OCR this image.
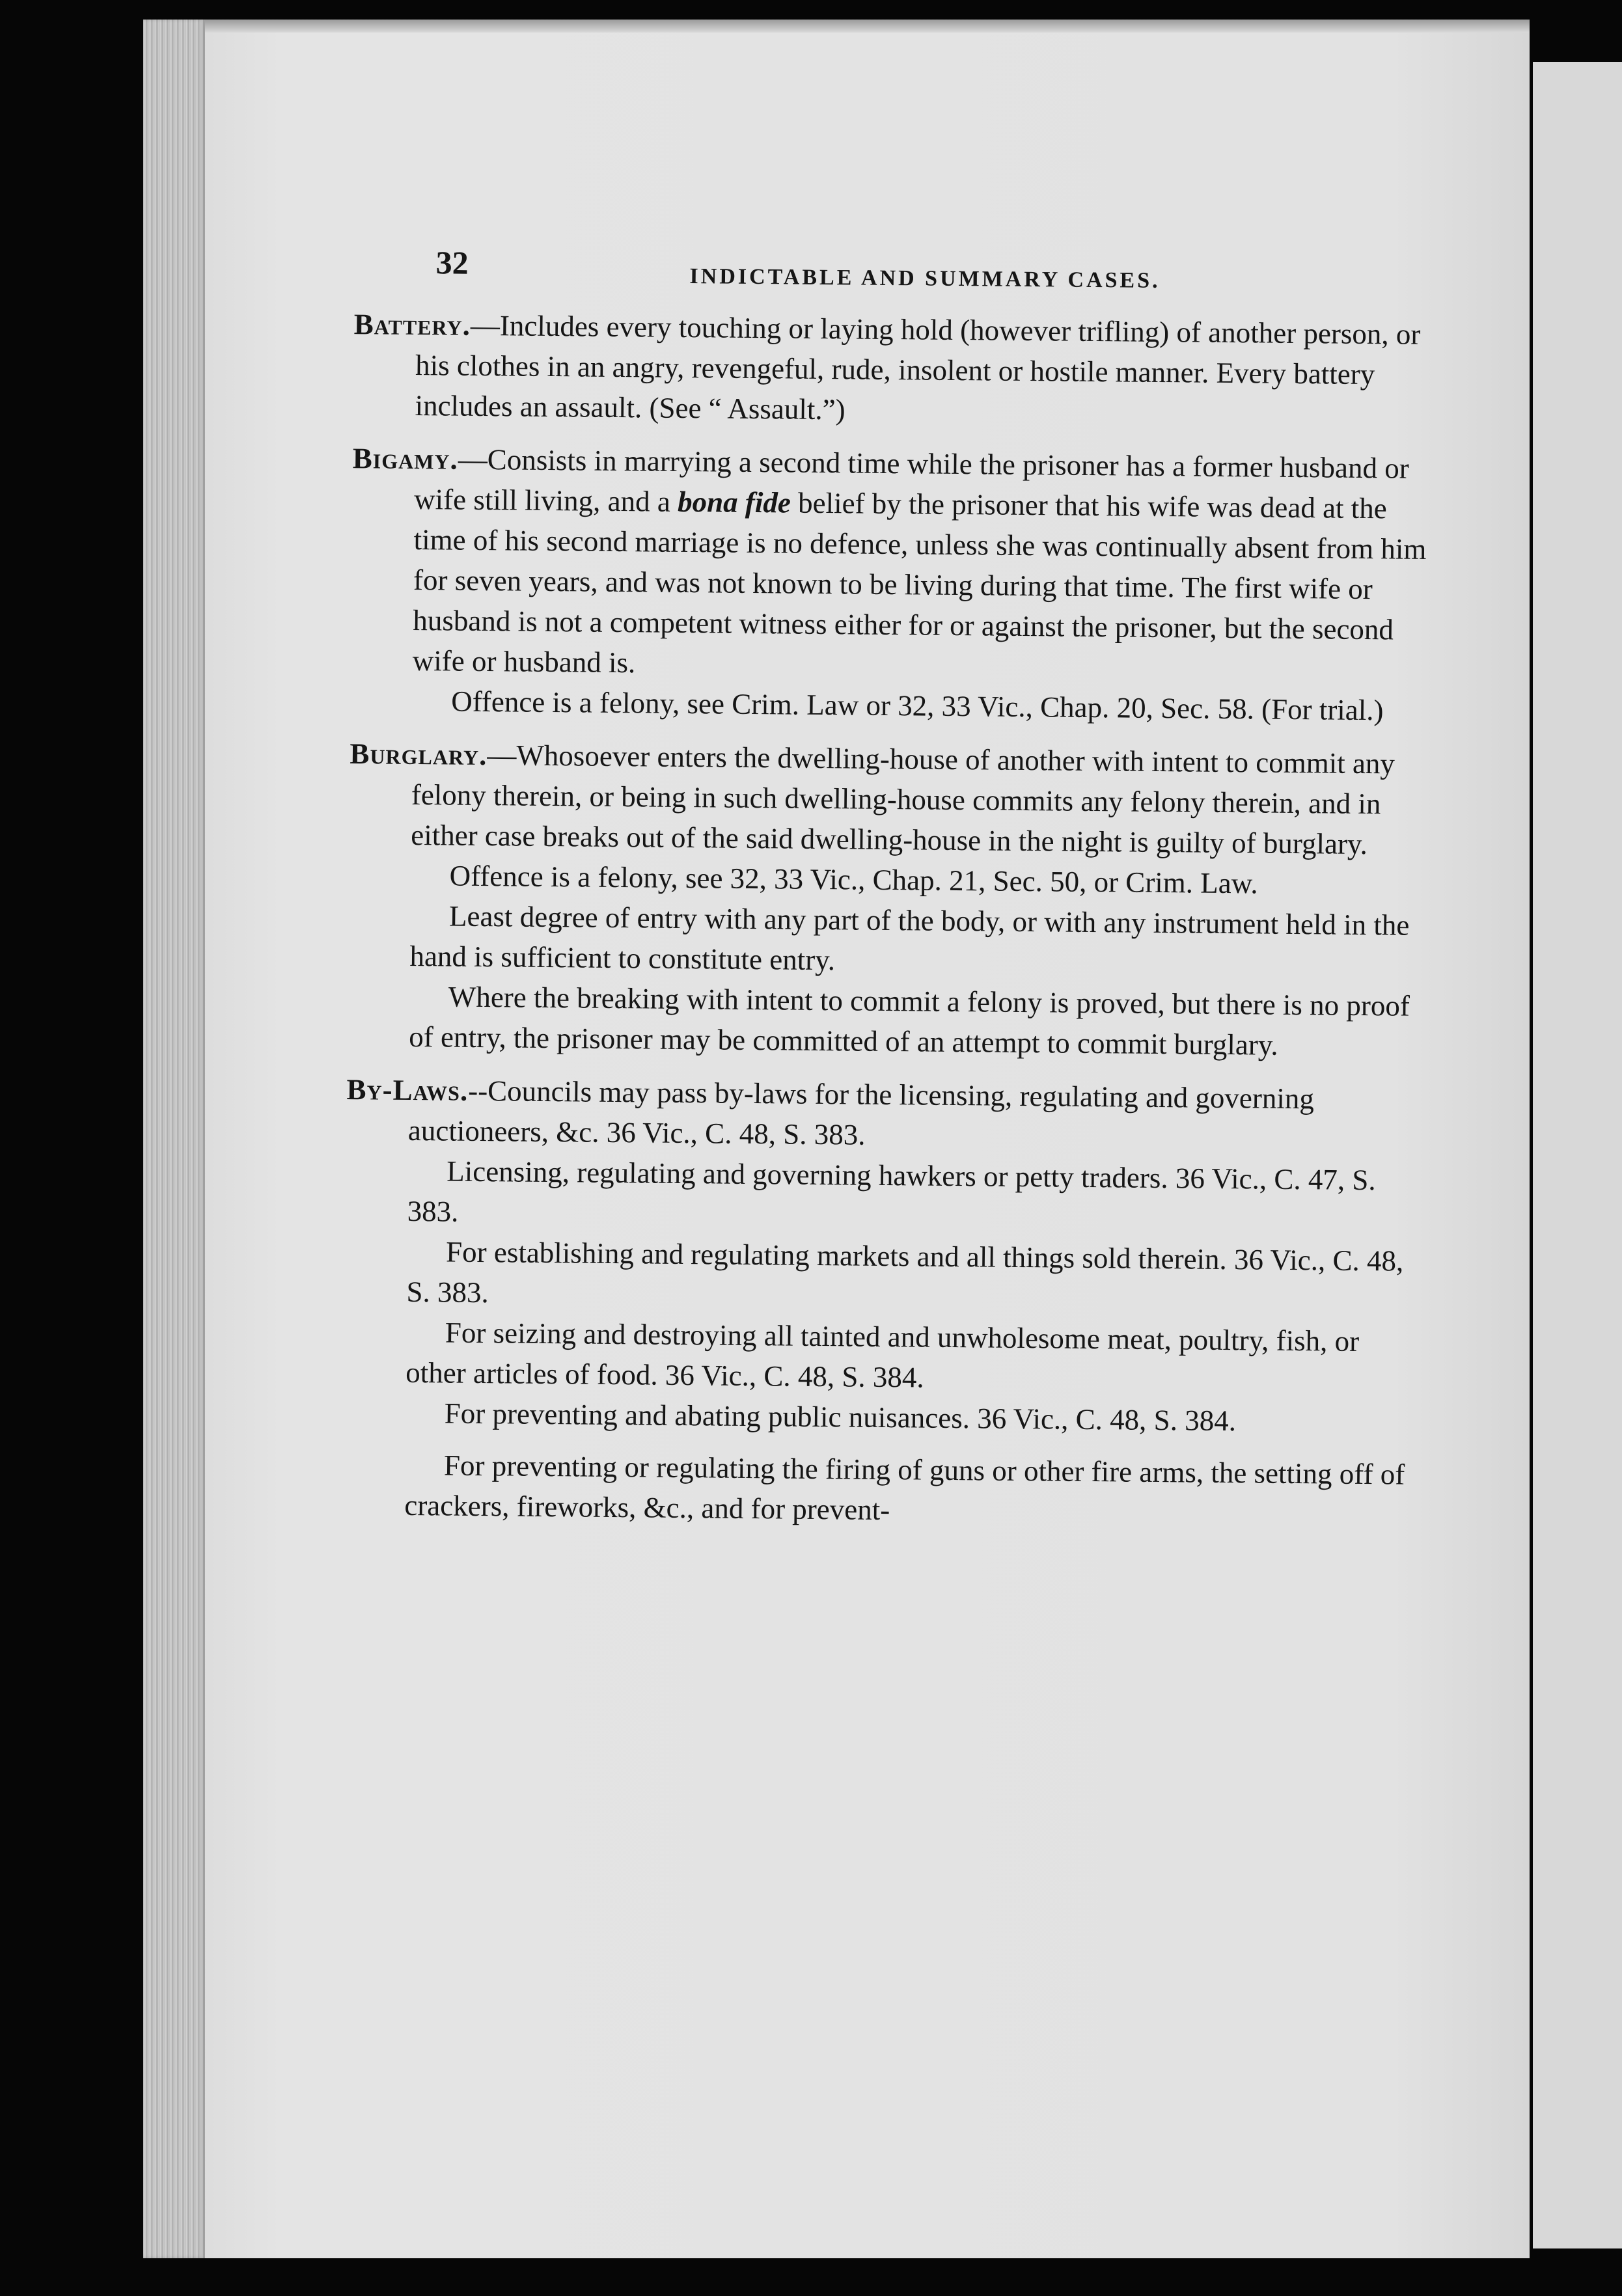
32	INDICTABLE AND SUMMARY CASES.

Battery.—Includes every touching or laying hold (however trifling) of another person, or his clothes in an angry, revengeful, rude, insolent or hostile manner. Every battery includes an assault. (See “ Assault.”)

Bigamy.—Consists in marrying a second time while the prisoner has a former husband or wife still living, and a bona fide belief by the prisoner that his wife was dead at the time of his second marriage is no defence, unless she was continually absent from him for seven years, and was not known to be living during that time. The first wife or husband is not a competent witness either for or against the prisoner, but the second wife or husband is.

Offence is a felony, see Crim. Law or 32, 33 Vic., Chap. 20, Sec. 58. (For trial.)

Burglary.—Whosoever enters the dwelling-house of another with intent to commit any felony therein, or being in such dwelling-house commits any felony therein, and in either case breaks out of the said dwelling-house in the night is guilty of burglary.

Offence is a felony, see 32, 33 Vic., Chap. 21, Sec. 50, or Crim. Law.

Least degree of entry with any part of the body, or with any instrument held in the hand is sufficient to constitute entry.

Where the breaking with intent to commit a felony is proved, but there is no proof of entry, the prisoner may be committed of an attempt to commit burglary.

By-Laws.--Councils may pass by-laws for the licensing, regulating and governing auctioneers, &c. 36 Vic., C. 48, S. 383.

Licensing, regulating and governing hawkers or petty traders. 36 Vic., C. 47, S. 383.

For establishing and regulating markets and all things sold therein. 36 Vic., C. 48, S. 383.

For seizing and destroying all tainted and unwholesome meat, poultry, fish, or other articles of food. 36 Vic., C. 48, S. 384.

For preventing and abating public nuisances. 36 Vic., C. 48, S. 384.

For preventing or regulating the firing of guns or other fire arms, the setting off of crackers, fireworks, &c., and for prevent-
